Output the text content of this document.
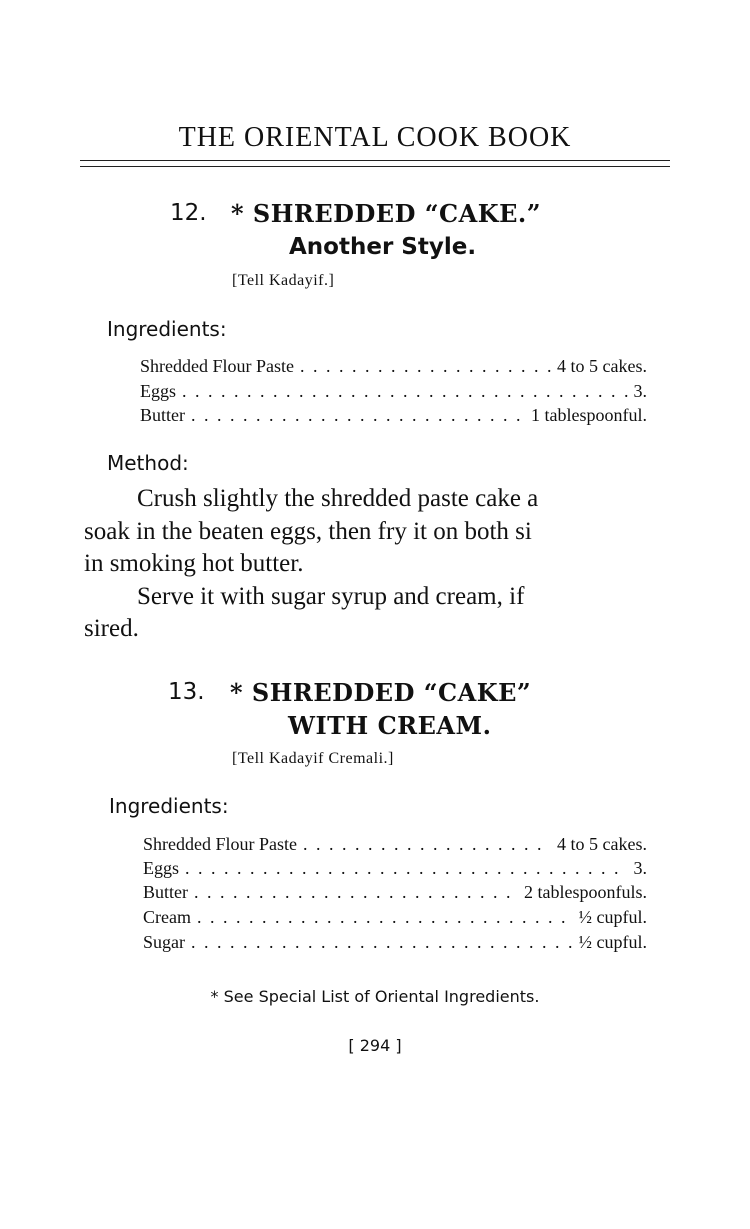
THE ORIENTAL COOK BOOK
12. * SHREDDED “CAKE.”
Another Style.
[Tell Kadayif.]
Ingredients:
Shredded Flour Paste . . .	4 to 5 cakes.
Eggs . . .	3.
Butter . . .	1 tablespoonful.
Method:
Crush slightly the shredded paste cake a
soak in the beaten eggs, then fry it on both si
in smoking hot butter.
Serve it with sugar syrup and cream, if
sired.
13. * SHREDDED “CAKE”
WITH CREAM.
[Tell Kadayif Cremali.]
Ingredients:
Shredded Flour Paste . . .	4 to 5 cakes.
Eggs . . .	3.
Butter . . .	2 tablespoonfuls.
Cream . . .	½ cupful.
Sugar . . .	½ cupful.
* See Special List of Oriental Ingredients.
[ 294 ]
